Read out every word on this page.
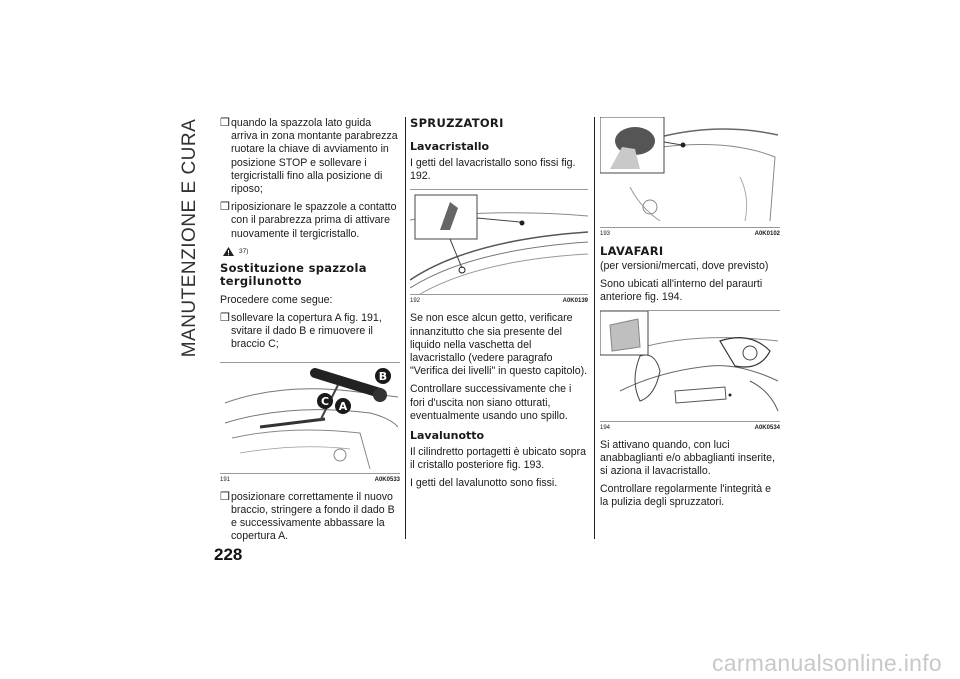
MANUTENZIONE E CURA ❒ quando la spazzola lato guida arriva in zona montante parabrezza ruotare la chiave di avviamento in posizione STOP e sollevare i tergicristalli fino alla posizione di riposo;
❒ riposizionare le spazzole a contatto con il parabrezza prima di attivare nuovamente il tergicristallo.
37)
Sostituzione spazzola tergilunotto

Procedere come segue:

❒ sollevare la copertura A fig. 191, svitare il dado B e rimuovere il braccio C;
C A
B
191	A0K0533
❒ posizionare correttamente il nuovo braccio, stringere a fondo il dado B e successivamente abbassare la copertura A.
SPRUZZATORI
Lavacristallo

I getti del lavacristallo sono fissi fig. 192.

192	A0K0139

Se non esce alcun getto, verificare innanzitutto che sia presente del liquido nella vaschetta del lavacristallo (vedere paragrafo "Verifica dei livelli" in questo capitolo).

Controllare successivamente che i fori d'uscita non siano otturati, eventualmente usando uno spillo.

Lavalunotto

Il cilindretto portagetti è ubicato sopra il cristallo posteriore fig. 193.

I getti del lavalunotto sono fissi.

193	A0K0102
LAVAFARI

(per versioni/mercati, dove previsto)

Sono ubicati all'interno del paraurti anteriore fig. 194.

194	A0K0534

Si attivano quando, con luci anabbaglianti e/o abbaglianti inserite, si aziona il lavacristallo.

Controllare regolarmente l'integrità e la pulizia degli spruzzatori.

228
carmanualsonline.info
